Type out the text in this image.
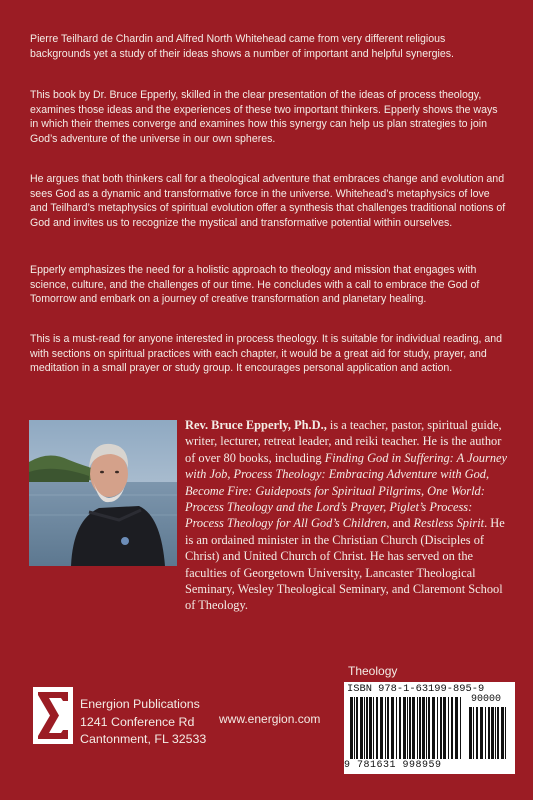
Pierre Teilhard de Chardin and Alfred North Whitehead came from very different religious backgrounds yet a study of their ideas shows a number of important and helpful synergies.

This book by Dr. Bruce Epperly, skilled in the clear presentation of the ideas of process theology, examines those ideas and the experiences of these two important thinkers. Epperly shows the ways in which their themes converge and examines how this synergy can help us plan strategies to join God’s adventure of the universe in our own spheres.

He argues that both thinkers call for a theological adventure that embraces change and evolution and sees God as a dynamic and transformative force in the universe. Whitehead’s metaphysics of love and Teilhard’s metaphysics of spiritual evolution offer a synthesis that challenges traditional notions of God and invites us to recognize the mystical and transformative potential within ourselves.

Epperly emphasizes the need for a holistic approach to theology and mission that engages with science, culture, and the challenges of our time. He concludes with a call to embrace the God of Tomorrow and embark on a journey of creative transformation and planetary healing.

This is a must-read for anyone interested in process theology. It is suitable for individual reading, and with sections on spiritual practices with each chapter, it would be a great aid for study, prayer, and meditation in a small prayer or study group. It encourages personal application and action.

Rev. Bruce Epperly, Ph.D., is a teacher, pastor, spiritual guide, writer, lecturer, retreat leader, and reiki teacher. He is the author of over 80 books, including Finding God in Suffering: A Journey with Job, Process Theology: Embracing Adventure with God, Become Fire: Guideposts for Spiritual Pilgrims, One World: Process Theology and the Lord’s Prayer, Piglet’s Process: Process Theology for All God’s Children, and Restless Spirit. He is an ordained minister in the Christian Church (Disciples of Christ) and United Church of Christ. He has served on the faculties of Georgetown University, Lancaster Theological Seminary, Wesley Theological Seminary, and Claremont School of Theology.

Energion Publications
1241 Conference Rd
Cantonment, FL 32533
www.energion.com
Theology
ISBN 978-1-63199-895-9
90000
9 781631 998959
